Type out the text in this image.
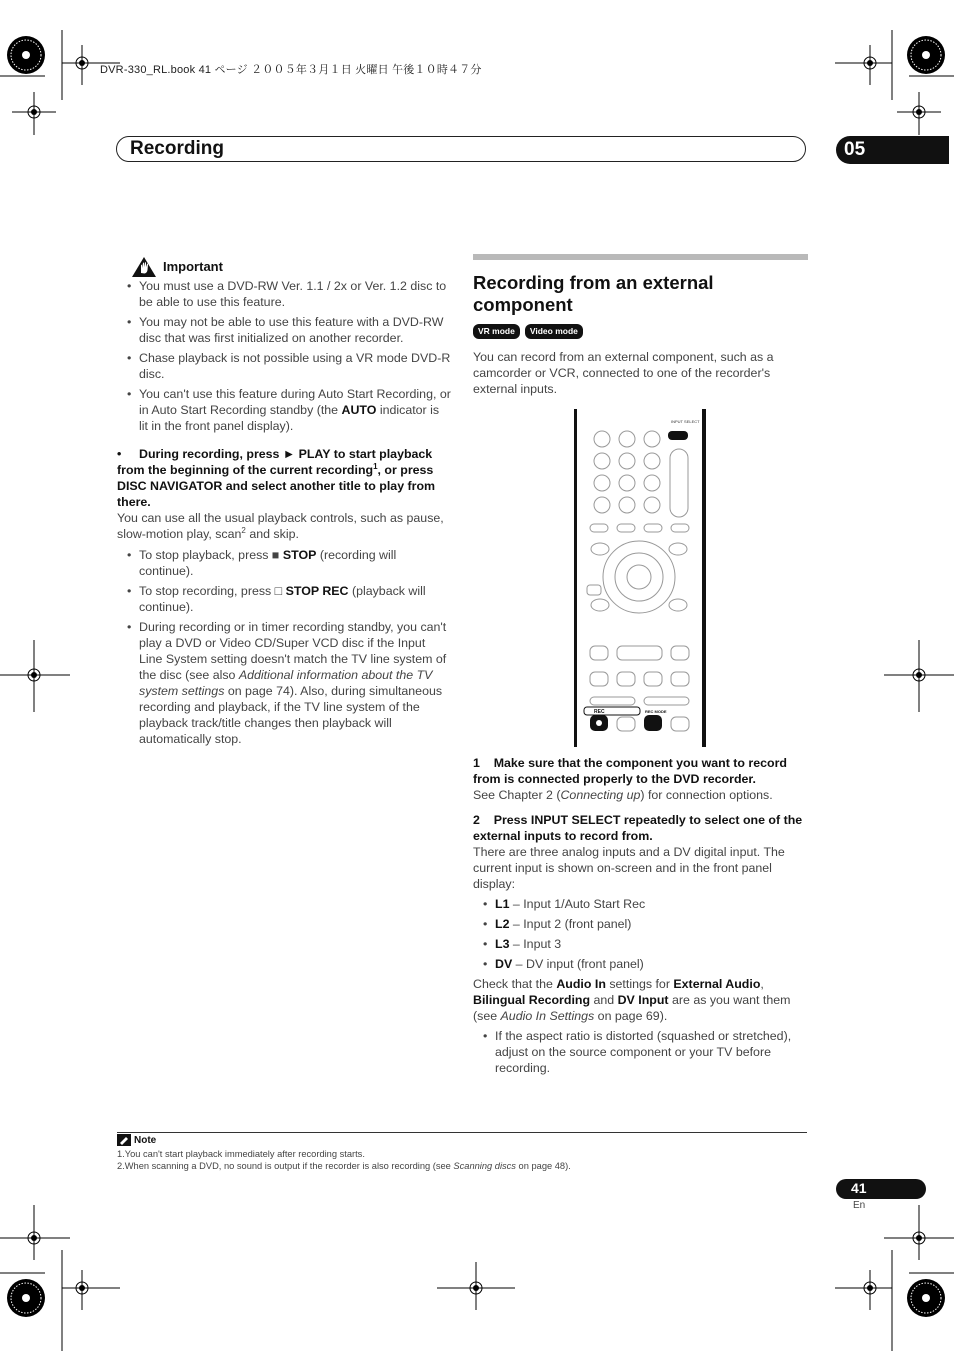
DVR-330_RL.book 41 ページ ２００５年３月１日 火曜日 午後１０時４７分
Recording	05
Important
• You must use a DVD-RW Ver. 1.1 / 2x or Ver. 1.2 disc to be able to use this feature.
• You may not be able to use this feature with a DVD-RW disc that was first initialized on another recorder.
• Chase playback is not possible using a VR mode DVD-R disc.
• You can't use this feature during Auto Start Recording, or in Auto Start Recording standby (the AUTO indicator is lit in the front panel display).
• During recording, press ► PLAY to start playback from the beginning of the current recording$^1$, or press DISC NAVIGATOR and select another title to play from there.
You can use all the usual playback controls, such as pause, slow-motion play, scan$^2$ and skip.
• To stop playback, press ■ STOP (recording will continue).
• To stop recording, press □ STOP REC (playback will continue).
• During recording or in timer recording standby, you can't play a DVD or Video CD/Super VCD disc if the Input Line System setting doesn't match the TV line system of the disc (see also Additional information about the TV system settings on page 74). Also, during simultaneous recording and playback, if the TV line system of the playback track/title changes then playback will automatically stop.
Recording from an external component
VR mode	Video mode
You can record from an external component, such as a camcorder or VCR, connected to one of the recorder's external inputs.
INPUT SELECT
REC	REC MODE
1 Make sure that the component you want to record from is connected properly to the DVD recorder.
See Chapter 2 (Connecting up) for connection options.
2 Press INPUT SELECT repeatedly to select one of the external inputs to record from.
There are three analog inputs and a DV digital input. The current input is shown on-screen and in the front panel display:
• L1 – Input 1/Auto Start Rec
• L2 – Input 2 (front panel)
• L3 – Input 3
• DV – DV input (front panel)
Check that the Audio In settings for External Audio, Bilingual Recording and DV Input are as you want them (see Audio In Settings on page 69).
• If the aspect ratio is distorted (squashed or stretched), adjust on the source component or your TV before recording.
Note
1.You can't start playback immediately after recording starts.
2.When scanning a DVD, no sound is output if the recorder is also recording (see Scanning discs on page 48).
41
En
